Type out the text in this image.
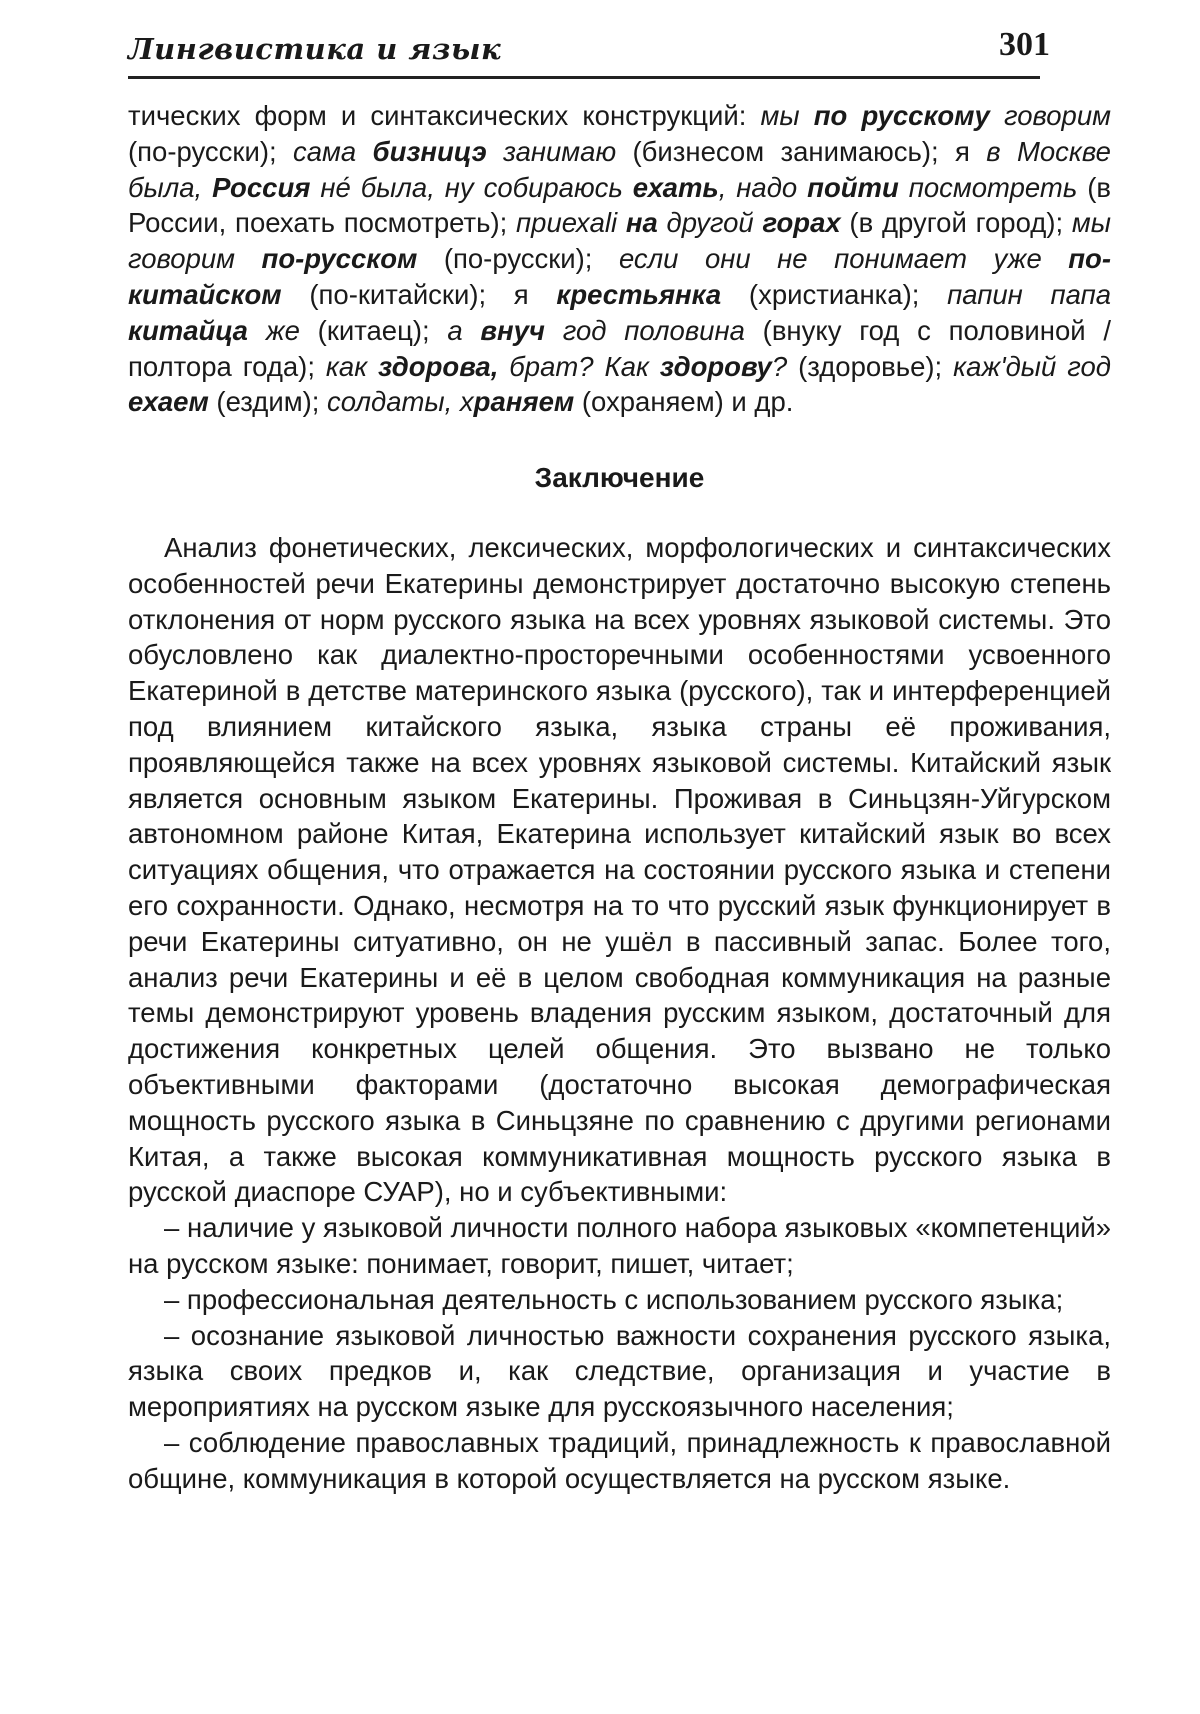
Лингвистика и язык	301

тических форм и синтаксических конструкций: мы по русскому говорим (по-русски); сама бизницэ занимаю (бизнесом занимаюсь); я в Москве былa, Россия не́ былa, ну собираюсь ехать, надо пойти посмотреть (в России, поехать посмотреть); приехali на другой горах (в другой город); мы говорим по-русском (по-русски); если они не понимает уже по-китайском (по-китайски); я крестьянка (христианка); папин папа китайца же (китаец); а внуч год половина (внуку год с половиной / полтора года); как здорова, брат? Как здорову? (здоровье); каж'дый год ехаем (ездим); солдаты, храняем (охраняем) и др.

Заключение

Анализ фонетических, лексических, морфологических и синтаксических особенностей речи Екатерины демонстрирует достаточно высокую степень отклонения от норм русского языка на всех уровнях языковой системы. Это обусловлено как диалектно-просторечными особенностями усвоенного Екатериной в детстве материнского языка (русского), так и интерференцией под влиянием китайского языка, языка страны её проживания, проявляющейся также на всех уровнях языковой системы. Китайский язык является основным языком Екатерины. Проживая в Синьцзян-Уйгурском автономном районе Китая, Екатерина использует китайский язык во всех ситуациях общения, что отражается на состоянии русского языка и степени его сохранности. Однако, несмотря на то что русский язык функционирует в речи Екатерины ситуативно, он не ушёл в пассивный запас. Более того, анализ речи Екатерины и её в целом свободная коммуникация на разные темы демонстрируют уровень владения русским языком, достаточный для достижения конкретных целей общения. Это вызвано не только объективными факторами (достаточно высокая демографическая мощность русского языка в Синьцзяне по сравнению с другими регионами Китая, а также высокая коммуникативная мощность русского языка в русской диаспоре СУАР), но и субъективными:

– наличие у языковой личности полного набора языковых «компетенций» на русском языке: понимает, говорит, пишет, читает;
– профессиональная деятельность с использованием русского языка;
– осознание языковой личностью важности сохранения русского языка, языка своих предков и, как следствие, организация и участие в мероприятиях на русском языке для русскоязычного населения;
– соблюдение православных традиций, принадлежность к православной общине, коммуникация в которой осуществляется на русском языке.
